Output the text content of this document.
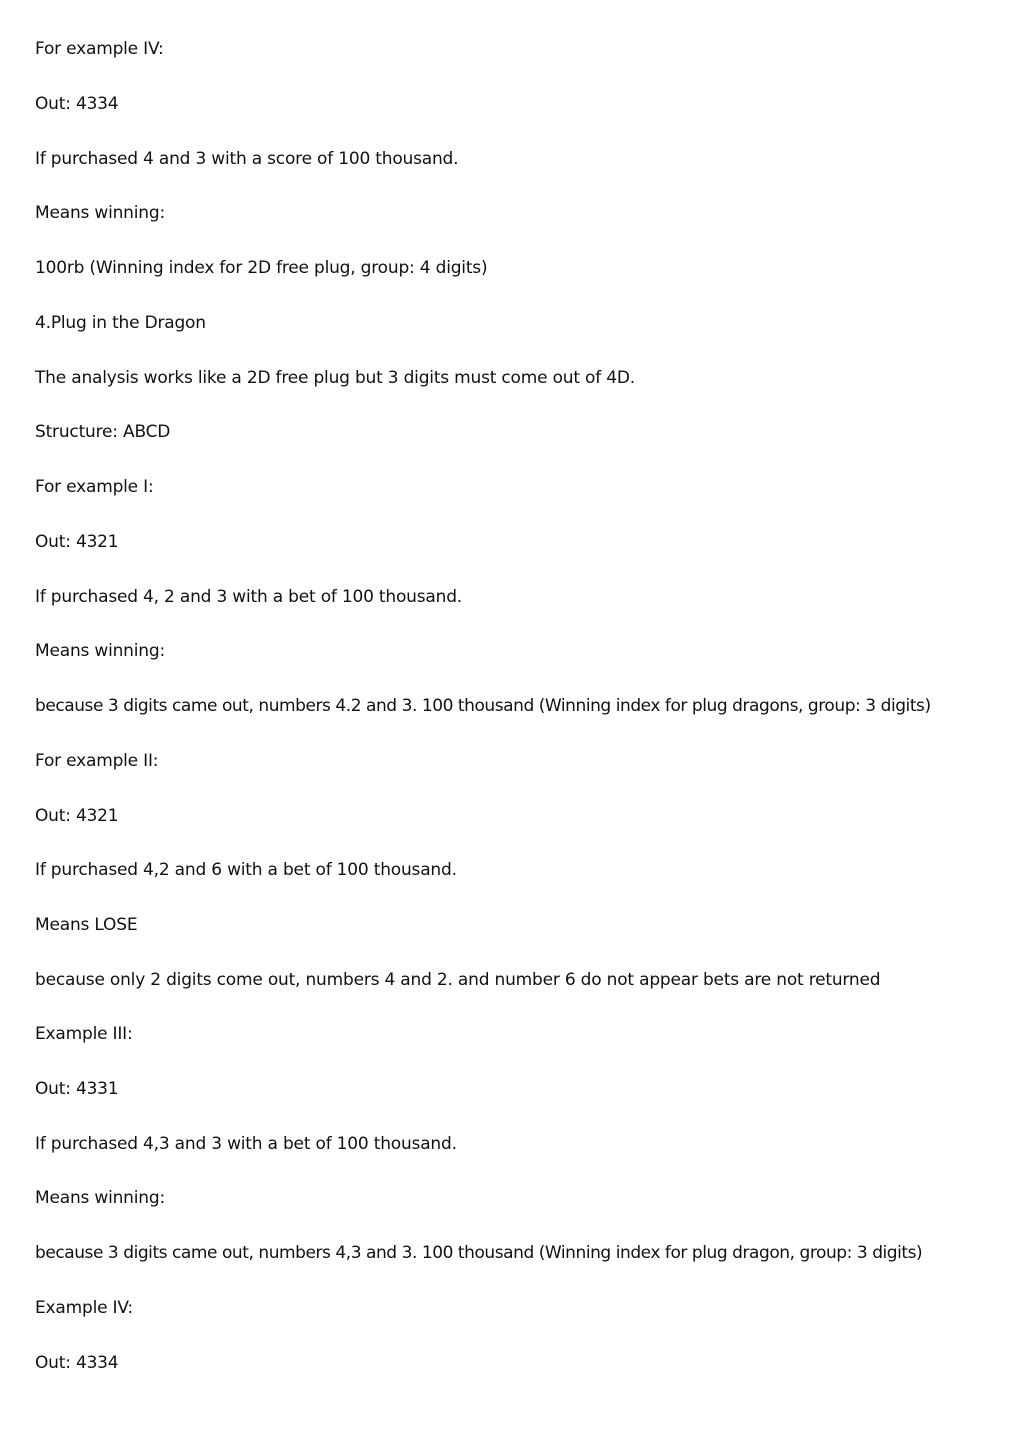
For example IV:

Out: 4334

If purchased 4 and 3 with a score of 100 thousand.

Means winning:

100rb (Winning index for 2D free plug, group: 4 digits)

4.Plug in the Dragon

The analysis works like a 2D free plug but 3 digits must come out of 4D.

Structure: ABCD

For example I:

Out: 4321

If purchased 4, 2 and 3 with a bet of 100 thousand.

Means winning:

because 3 digits came out, numbers 4.2 and 3. 100 thousand (Winning index for plug dragons, group: 3 digits)

For example II:

Out: 4321

If purchased 4,2 and 6 with a bet of 100 thousand.

Means LOSE

because only 2 digits come out, numbers 4 and 2. and number 6 do not appear bets are not returned

Example III:

Out: 4331

If purchased 4,3 and 3 with a bet of 100 thousand.

Means winning:

because 3 digits came out, numbers 4,3 and 3. 100 thousand (Winning index for plug dragon, group: 3 digits)

Example IV:

Out: 4334
